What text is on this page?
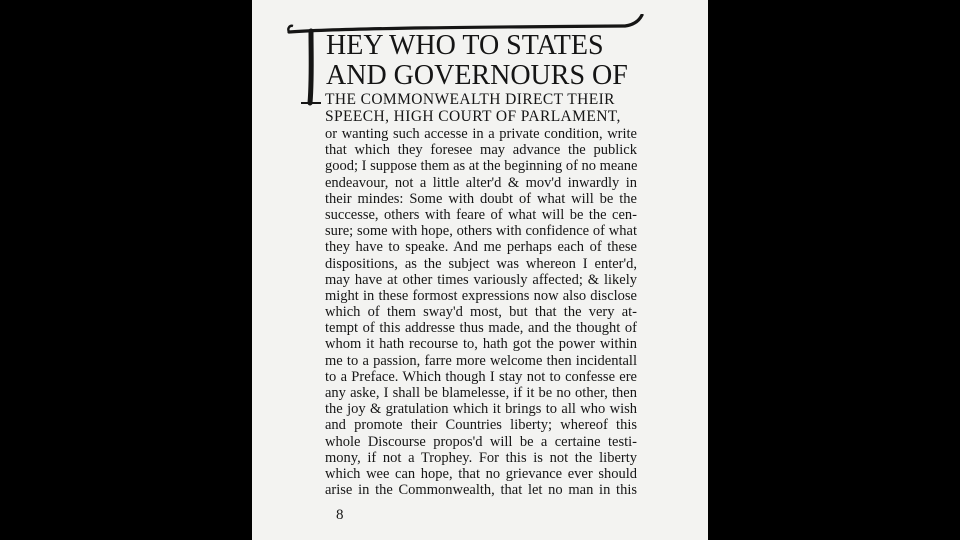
HEY WHO TO STATES
AND GOVERNOURS OF
THE COMMONWEALTH DIRECT THEIR
SPEECH, HIGH COURT OF PARLAMENT,
or wanting such accesse in a private condition, write
that which they foresee may advance the publick
good; I suppose them as at the beginning of no meane
endeavour, not a little alter'd & mov'd inwardly in
their mindes: Some with doubt of what will be the
successe, others with feare of what will be the cen-
sure; some with hope, others with confidence of what
they have to speake. And me perhaps each of these
dispositions, as the subject was whereon I enter'd,
may have at other times variously affected; & likely
might in these formost expressions now also disclose
which of them sway'd most, but that the very at-
tempt of this addresse thus made, and the thought of
whom it hath recourse to, hath got the power within
me to a passion, farre more welcome then incidentall
to a Preface. Which though I stay not to confesse ere
any aske, I shall be blamelesse, if it be no other, then
the joy & gratulation which it brings to all who wish
and promote their Countries liberty; whereof this
whole Discourse propos'd will be a certaine testi-
mony, if not a Trophey. For this is not the liberty
which wee can hope, that no grievance ever should
arise in the Commonwealth, that let no man in this
8
